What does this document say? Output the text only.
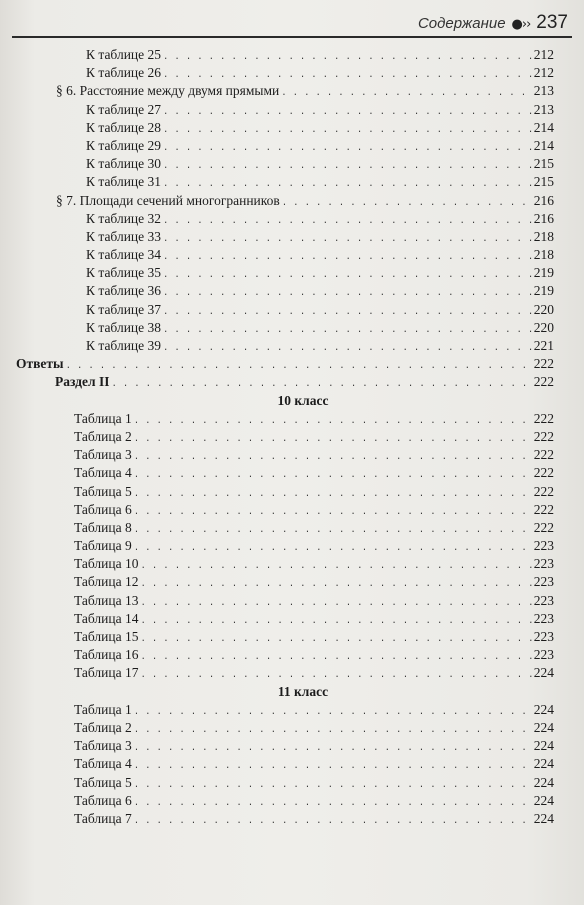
Содержание ●›› 237
К таблице 25 . . .	212
К таблице 26 . . .	212
§ 6. Расстояние между двумя прямыми . . .	213
К таблице 27 . . .	213
К таблице 28 . . .	214
К таблице 29 . . .	214
К таблице 30 . . .	215
К таблице 31 . . .	215
§ 7. Площади сечений многогранников . . .	216
К таблице 32 . . .	216
К таблице 33 . . .	218
К таблице 34 . . .	218
К таблице 35 . . .	219
К таблице 36 . . .	219
К таблице 37 . . .	220
К таблице 38 . . .	220
К таблице 39 . . .	221
Ответы . . .	222
Раздел II . . .	222
10 класс
Таблица 1 . . .	222
Таблица 2 . . .	222
Таблица 3 . . .	222
Таблица 4 . . .	222
Таблица 5 . . .	222
Таблица 6 . . .	222
Таблица 8 . . .	222
Таблица 9 . . .	223
Таблица 10 . . .	223
Таблица 12 . . .	223
Таблица 13 . . .	223
Таблица 14 . . .	223
Таблица 15 . . .	223
Таблица 16 . . .	223
Таблица 17 . . .	224
11 класс
Таблица 1 . . .	224
Таблица 2 . . .	224
Таблица 3 . . .	224
Таблица 4 . . .	224
Таблица 5 . . .	224
Таблица 6 . . .	224
Таблица 7 . . .	224
